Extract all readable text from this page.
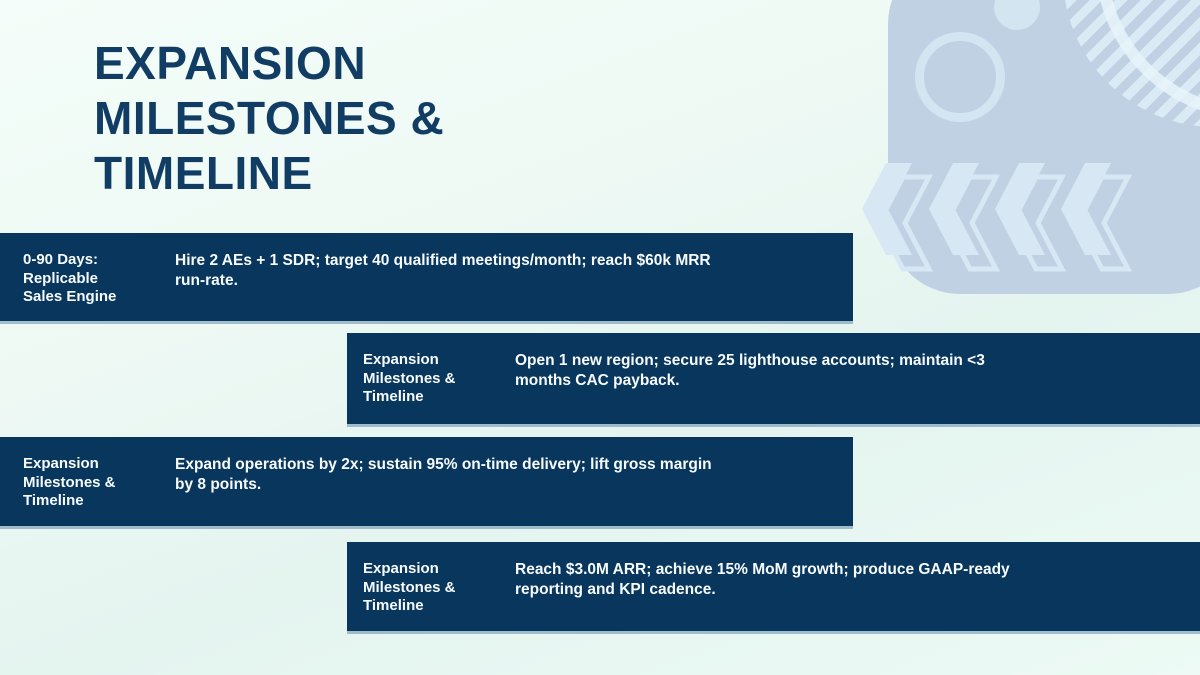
EXPANSION
MILESTONES &
TIMELINE
0-90 Days:
Replicable
Sales Engine
Hire 2 AEs + 1 SDR; target 40 qualified meetings/month; reach $60k MRR run-rate.
Expansion
Milestones &
Timeline
Open 1 new region; secure 25 lighthouse accounts; maintain <3 months CAC payback.
Expansion
Milestones &
Timeline
Expand operations by 2x; sustain 95% on-time delivery; lift gross margin by 8 points.
Expansion
Milestones &
Timeline
Reach $3.0M ARR; achieve 15% MoM growth; produce GAAP-ready reporting and KPI cadence.
